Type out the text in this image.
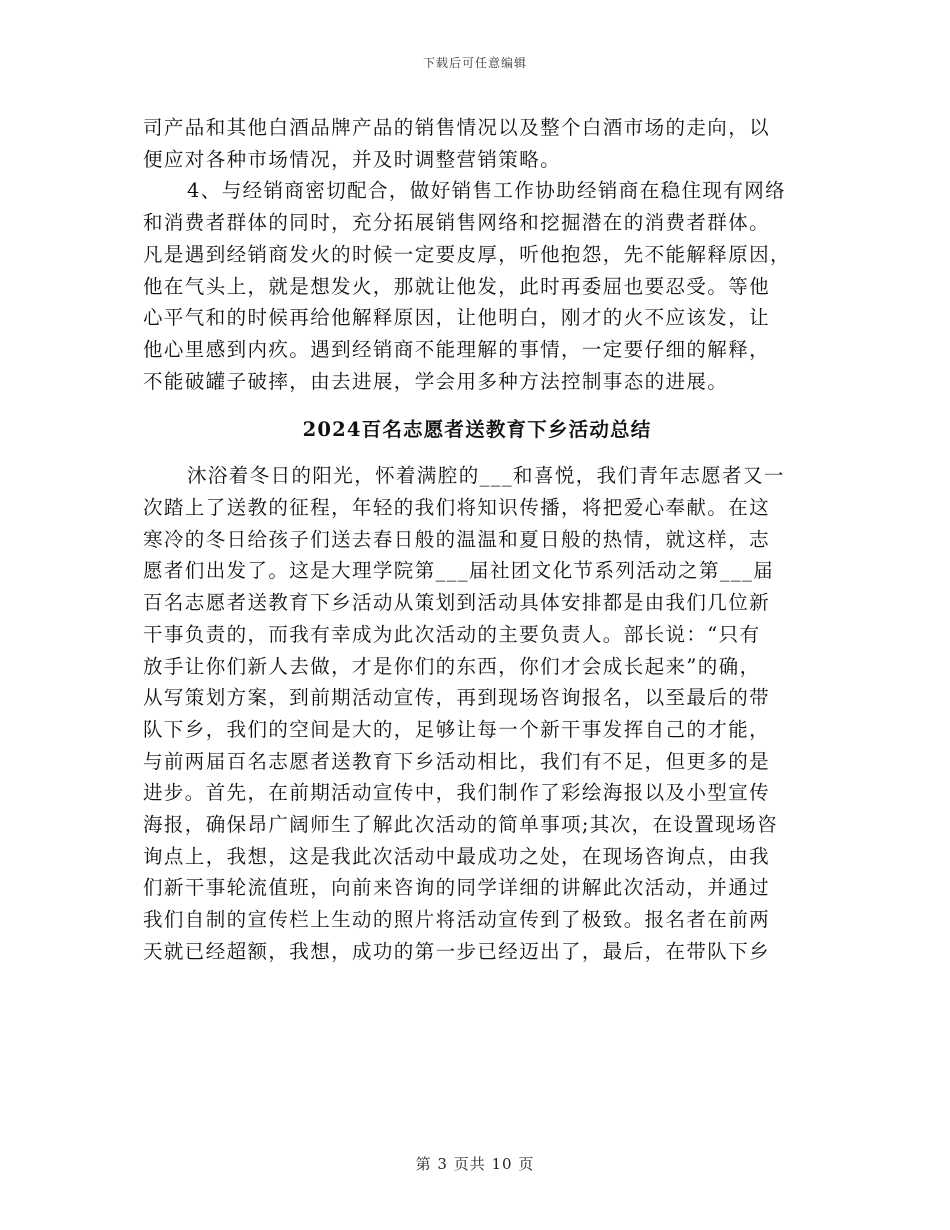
下载后可任意编辑

司产品和其他白酒品牌产品的销售情况以及整个白酒市场的走向，以
便应对各种市场情况，并及时调整营销策略。

4、与经销商密切配合，做好销售工作协助经销商在稳住现有网络
和消费者群体的同时，充分拓展销售网络和挖掘潜在的消费者群体。
凡是遇到经销商发火的时候一定要皮厚，听他抱怨，先不能解释原因，
他在气头上，就是想发火，那就让他发，此时再委屈也要忍受。等他
心平气和的时候再给他解释原因，让他明白，刚才的火不应该发，让
他心里感到内疚。遇到经销商不能理解的事情，一定要仔细的解释，
不能破罐子破摔，由去进展，学会用多种方法控制事态的进展。

2024百名志愿者送教育下乡活动总结

沐浴着冬日的阳光，怀着满腔的___和喜悦，我们青年志愿者又一
次踏上了送教的征程，年轻的我们将知识传播，将把爱心奉献。在这
寒冷的冬日给孩子们送去春日般的温温和夏日般的热情，就这样，志
愿者们出发了。这是大理学院第___届社团文化节系列活动之第___届
百名志愿者送教育下乡活动从策划到活动具体安排都是由我们几位新
干事负责的，而我有幸成为此次活动的主要负责人。部长说：“只有
放手让你们新人去做，才是你们的东西，你们才会成长起来”的确，
从写策划方案，到前期活动宣传，再到现场咨询报名，以至最后的带
队下乡，我们的空间是大的，足够让每一个新干事发挥自己的才能，
与前两届百名志愿者送教育下乡活动相比，我们有不足，但更多的是
进步。首先，在前期活动宣传中，我们制作了彩绘海报以及小型宣传
海报，确保昂广阔师生了解此次活动的简单事项;其次，在设置现场咨
询点上，我想，这是我此次活动中最成功之处，在现场咨询点，由我
们新干事轮流值班，向前来咨询的同学详细的讲解此次活动，并通过
我们自制的宣传栏上生动的照片将活动宣传到了极致。报名者在前两
天就已经超额，我想，成功的第一步已经迈出了，最后，在带队下乡

第 3 页共 10 页
